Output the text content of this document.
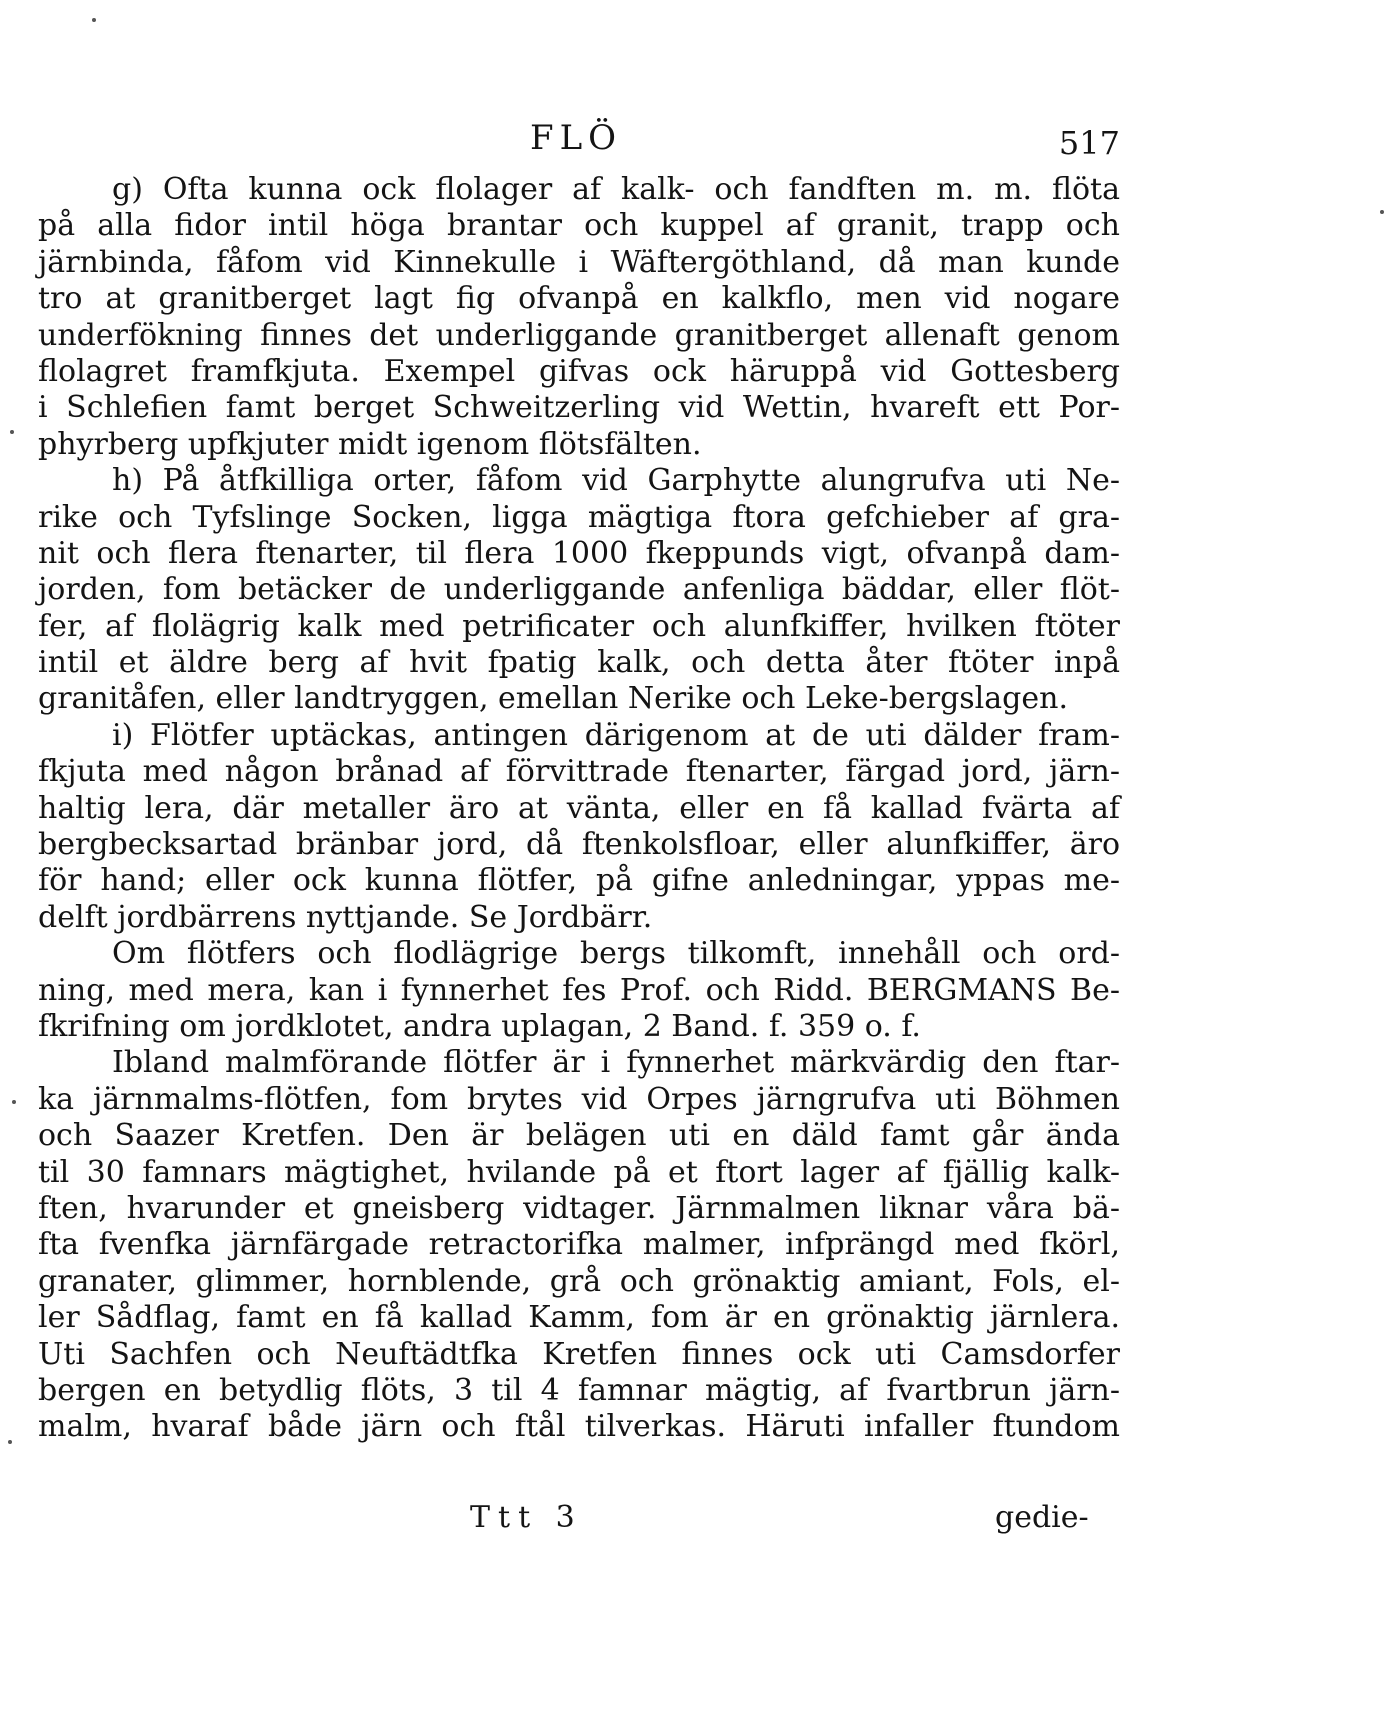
FLÖ	517
g) Ofta kunna ock flolager af kalk- och fandften m. m. flöta
på alla fidor intil höga brantar och kuppel af granit, trapp och
järnbinda, fåfom vid Kinnekulle i Wäftergöthland, då man kunde
tro at granitberget lagt fig ofvanpå en kalkflo, men vid nogare
underfökning finnes det underliggande granitberget allenaft genom
flolagret framfkjuta. Exempel gifvas ock häruppå vid Gottesberg
i Schlefien famt berget Schweitzerling vid Wettin, hvareft ett Por-
phyrberg upfkjuter midt igenom flötsfälten.
h) På åtfkilliga orter, fåfom vid Garphytte alungrufva uti Ne-
rike och Tyfslinge Socken, ligga mägtiga ftora gefchieber af gra-
nit och flera ftenarter, til flera 1000 fkeppunds vigt, ofvanpå dam-
jorden, fom betäcker de underliggande anfenliga bäddar, eller flöt-
fer, af flolägrig kalk med petrificater och alunfkiffer, hvilken ftöter
intil et äldre berg af hvit fpatig kalk, och detta åter ftöter inpå
granitåfen, eller landtryggen, emellan Nerike och Leke-bergslagen.
i) Flötfer uptäckas, antingen därigenom at de uti dälder fram-
fkjuta med någon brånad af förvittrade ftenarter, färgad jord, järn-
haltig lera, där metaller äro at vänta, eller en få kallad fvärta af
bergbecksartad bränbar jord, då ftenkolsfloar, eller alunfkiffer, äro
för hand; eller ock kunna flötfer, på gifne anledningar, yppas me-
delft jordbärrens nyttjande. Se Jordbärr.
Om flötfers och flodlägrige bergs tilkomft, innehåll och ord-
ning, med mera, kan i fynnerhet fes Prof. och Ridd. BERGMANS Be-
fkrifning om jordklotet, andra uplagan, 2 Band. f. 359 o. f.
Ibland malmförande flötfer är i fynnerhet märkvärdig den ftar-
ka järnmalms-flötfen, fom brytes vid Orpes järngrufva uti Böhmen
och Saazer Kretfen. Den är belägen uti en däld famt går ända
til 30 famnars mägtighet, hvilande på et ftort lager af fjällig kalk-
ften, hvarunder et gneisberg vidtager. Järnmalmen liknar våra bä-
fta fvenfka järnfärgade retractorifka malmer, infprängd med fkörl,
granater, glimmer, hornblende, grå och grönaktig amiant, Fols, el-
ler Sådflag, famt en få kallad Kamm, fom är en grönaktig järnlera.
Uti Sachfen och Neuftädtfka Kretfen finnes ock uti Camsdorfer
bergen en betydlig flöts, 3 til 4 famnar mägtig, af fvartbrun järn-
malm, hvaraf både järn och ftål tilverkas. Häruti infaller ftundom
Ttt 3	gedie-
